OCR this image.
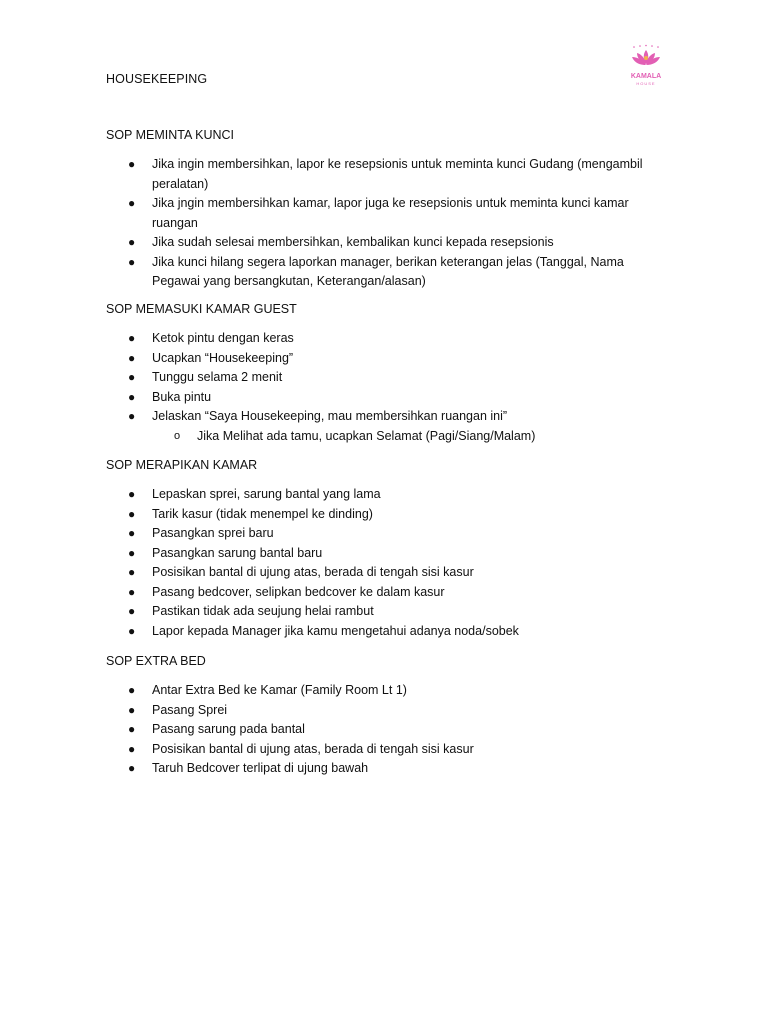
KAMALA
HOUSE
HOUSEKEEPING
SOP MEMINTA KUNCI
● Jika ingin membersihkan, lapor ke resepsionis untuk meminta kunci Gudang (mengambil peralatan)
● Jika jngin membersihkan kamar, lapor juga ke resepsionis untuk meminta kunci kamar ruangan
● Jika sudah selesai membersihkan, kembalikan kunci kepada resepsionis
● Jika kunci hilang segera laporkan manager, berikan keterangan jelas (Tanggal, Nama Pegawai yang bersangkutan, Keterangan/alasan)
SOP MEMASUKI KAMAR GUEST
● Ketok pintu dengan keras
● Ucapkan “Housekeeping”
● Tunggu selama 2 menit
● Buka pintu
● Jelaskan “Saya Housekeeping, mau membersihkan ruangan ini”
o Jika Melihat ada tamu, ucapkan Selamat (Pagi/Siang/Malam)
SOP MERAPIKAN KAMAR
● Lepaskan sprei, sarung bantal yang lama
● Tarik kasur (tidak menempel ke dinding)
● Pasangkan sprei baru
● Pasangkan sarung bantal baru
● Posisikan bantal di ujung atas, berada di tengah sisi kasur
● Pasang bedcover, selipkan bedcover ke dalam kasur
● Pastikan tidak ada seujung helai rambut
● Lapor kepada Manager jika kamu mengetahui adanya noda/sobek
SOP EXTRA BED
● Antar Extra Bed ke Kamar (Family Room Lt 1)
● Pasang Sprei
● Pasang sarung pada bantal
● Posisikan bantal di ujung atas, berada di tengah sisi kasur
● Taruh Bedcover terlipat di ujung bawah
